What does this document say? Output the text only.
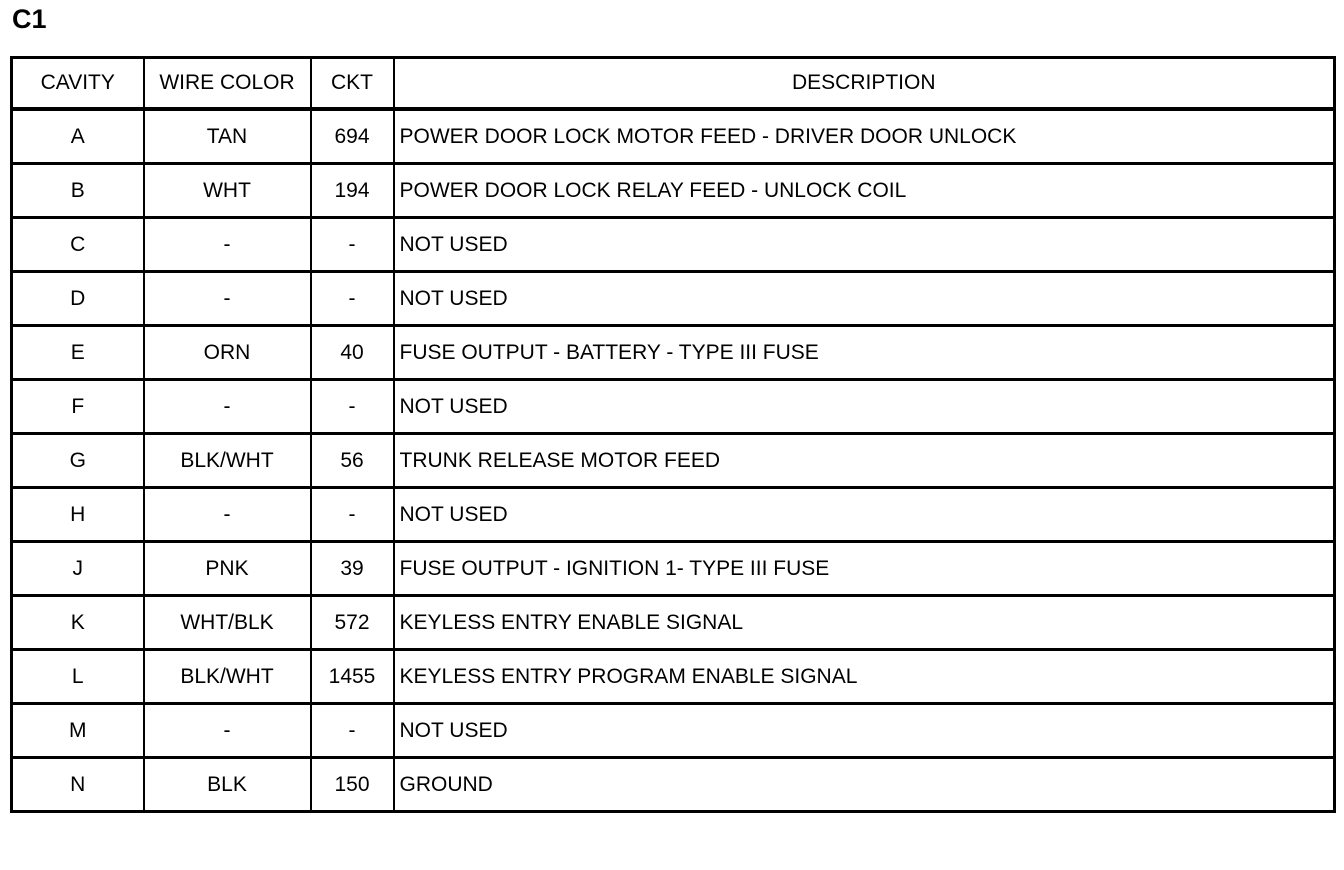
C1
CAVITY	WIRE COLOR	CKT	DESCRIPTION
A	TAN	694	POWER DOOR LOCK MOTOR FEED - DRIVER DOOR UNLOCK
B	WHT	194	POWER DOOR LOCK RELAY FEED - UNLOCK COIL
C	-	-	NOT USED
D	-	-	NOT USED
E	ORN	40	FUSE OUTPUT - BATTERY - TYPE III FUSE
F	-	-	NOT USED
G	BLK/WHT	56	TRUNK RELEASE MOTOR FEED
H	-	-	NOT USED
J	PNK	39	FUSE OUTPUT - IGNITION 1- TYPE III FUSE
K	WHT/BLK	572	KEYLESS ENTRY ENABLE SIGNAL
L	BLK/WHT	1455	KEYLESS ENTRY PROGRAM ENABLE SIGNAL
M	-	-	NOT USED
N	BLK	150	GROUND
